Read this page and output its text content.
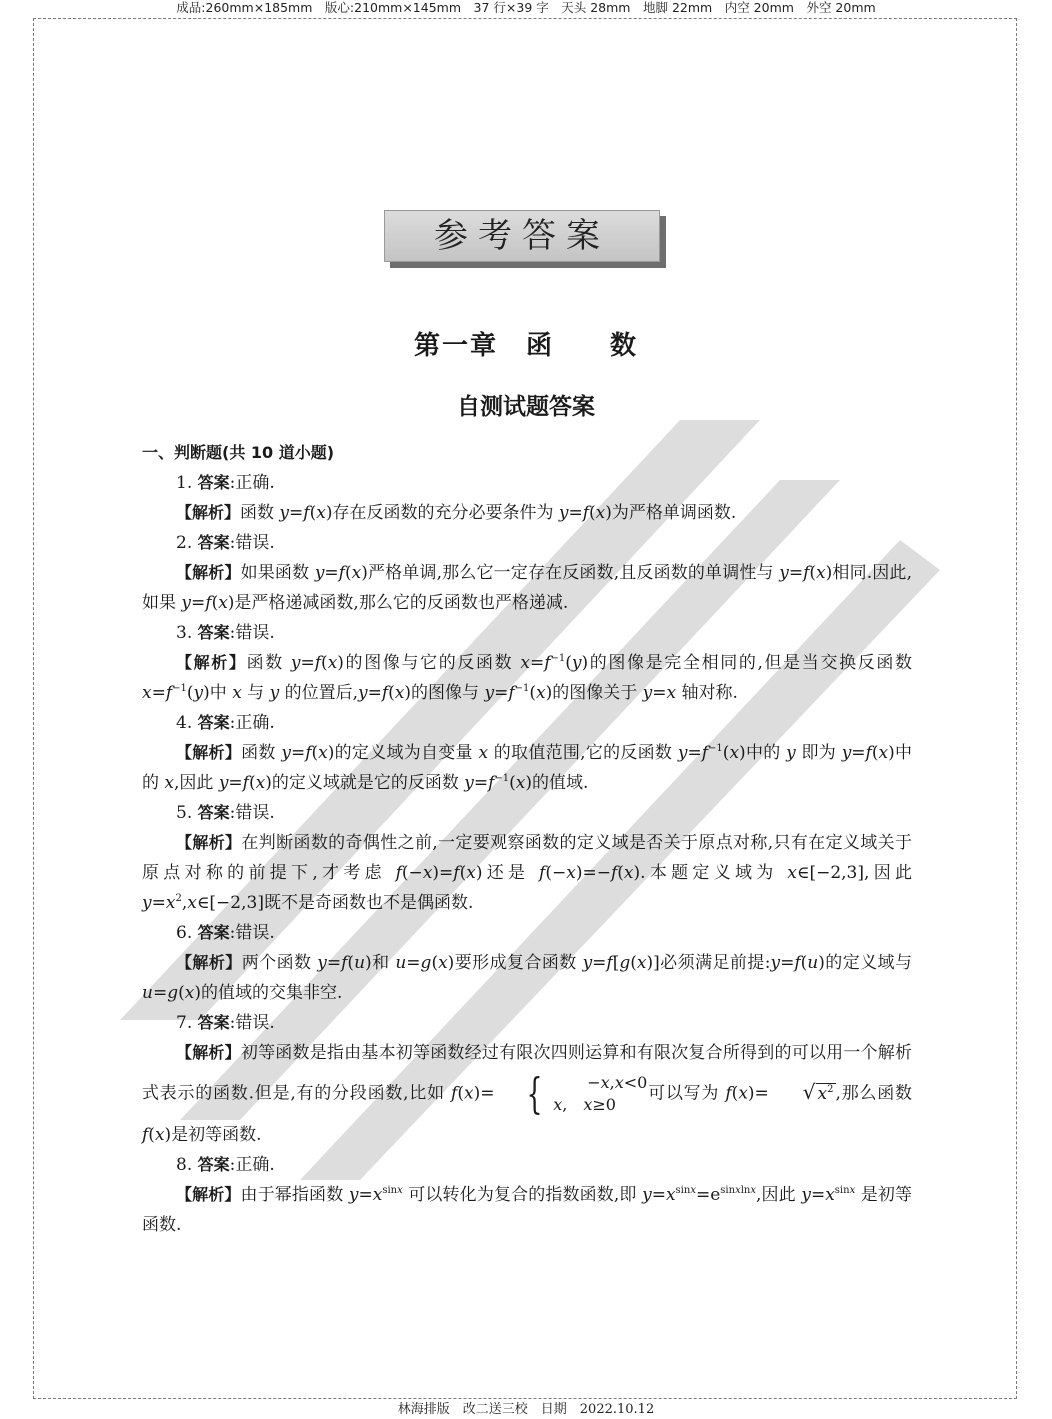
成品:260mm×185mm　版心:210mm×145mm　37 行×39 字　天头 28mm　地脚 22mm　内空 20mm　外空 20mm
参考答案
第一章　函　　数
自测试题答案
一、判断题(共 10 道小题)

1. 答案:正确.

【解析】函数 y=f(x)存在反函数的充分必要条件为 y=f(x)为严格单调函数.

2. 答案:错误.

【解析】如果函数 y=f(x)严格单调,那么它一定存在反函数,且反函数的单调性与 y=f(x)相同.因此,如果 y=f(x)是严格递减函数,那么它的反函数也严格递减.

3. 答案:错误.

【解析】函数 y=f(x)的图像与它的反函数 $x=f^{-1}(y)$的图像是完全相同的,但是当交换反函数 $x=f^{-1}(y)$中 x 与 y 的位置后,y=f(x)的图像与 $y=f^{-1}(x)$的图像关于 y=x 轴对称.

4. 答案:正确.

【解析】函数 y=f(x)的定义域为自变量 x 的取值范围,它的反函数 $y=f^{-1}(x)$中的 y 即为 y=f(x)中的 x,因此 y=f(x)的定义域就是它的反函数 $y=f^{-1}(x)$的值域.

5. 答案:错误.

【解析】在判断函数的奇偶性之前,一定要观察函数的定义域是否关于原点对称,只有在定义域关于原点对称的前提下,才考虑 f(−x)=f(x)还是 f(−x)=−f(x).本题定义域为 x∈[−2,3],因此 $y=x^2,x\in[-2,3]$既不是奇函数也不是偶函数.

6. 答案:错误.

【解析】两个函数 y=f(u)和 u=g(x)要形成复合函数 y=f[g(x)]必须满足前提:y=f(u)的定义域与 u=g(x)的值域的交集非空.

7. 答案:错误.

【解析】初等函数是指由基本初等函数经过有限次四则运算和有限次复合所得到的可以用一个解析式表示的函数.但是,有的分段函数,比如 f(x)= {	−x,x<0
x,　x≥0
可以写为 f(x)= √ $x^2$ ,那么函数 f(x)是初等函数.

8. 答案:正确.

【解析】由于幂指函数 $y=x^{sinx}$ 可以转化为复合的指数函数,即 $y=x^{sinx}=e^{sinxlnx}$,因此 $y=x^{sinx}$ 是初等函数.

林海排版　改二送三校　日期　2022.10.12
